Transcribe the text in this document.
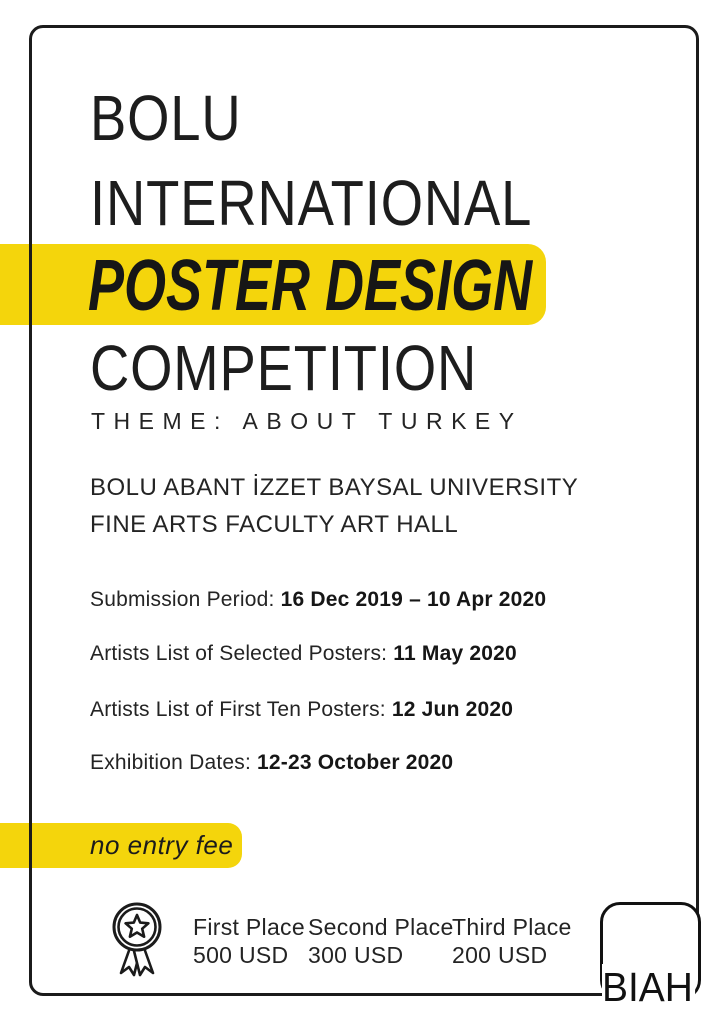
BOLU
INTERNATIONAL
POSTER DESIGN
COMPETITION
THEME: ABOUT TURKEY
BOLU ABANT İZZET BAYSAL UNIVERSITY
FINE ARTS FACULTY ART HALL
Submission Period: 16 Dec 2019 – 10 Apr 2020
Artists List of Selected Posters: 11 May 2020
Artists List of First Ten Posters: 12 Jun 2020
Exhibition Dates: 12-23 October 2020
no entry fee
First Place
500 USD
Second Place
300 USD
Third Place
200 USD
BIAH
